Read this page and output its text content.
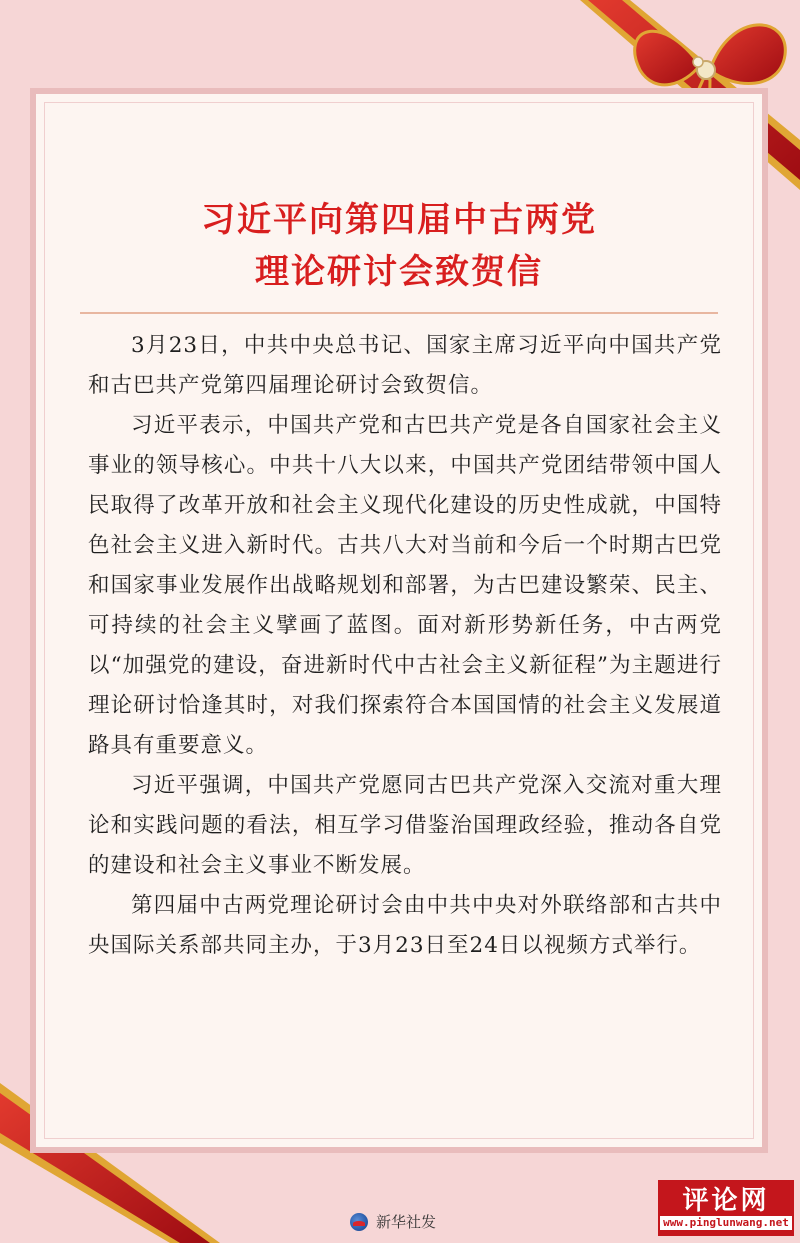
习近平向第四届中古两党
理论研讨会致贺信

3月23日，中共中央总书记、国家主席习近平向中国共产党和古巴共产党第四届理论研讨会致贺信。

习近平表示，中国共产党和古巴共产党是各自国家社会主义事业的领导核心。中共十八大以来，中国共产党团结带领中国人民取得了改革开放和社会主义现代化建设的历史性成就，中国特色社会主义进入新时代。古共八大对当前和今后一个时期古巴党和国家事业发展作出战略规划和部署，为古巴建设繁荣、民主、可持续的社会主义擘画了蓝图。面对新形势新任务，中古两党以“加强党的建设，奋进新时代中古社会主义新征程”为主题进行理论研讨恰逢其时，对我们探索符合本国国情的社会主义发展道路具有重要意义。

习近平强调，中国共产党愿同古巴共产党深入交流对重大理论和实践问题的看法，相互学习借鉴治国理政经验，推动各自党的建设和社会主义事业不断发展。

第四届中古两党理论研讨会由中共中央对外联络部和古共中央国际关系部共同主办，于3月23日至24日以视频方式举行。

新华社发
评论网
www.pinglunwang.net
